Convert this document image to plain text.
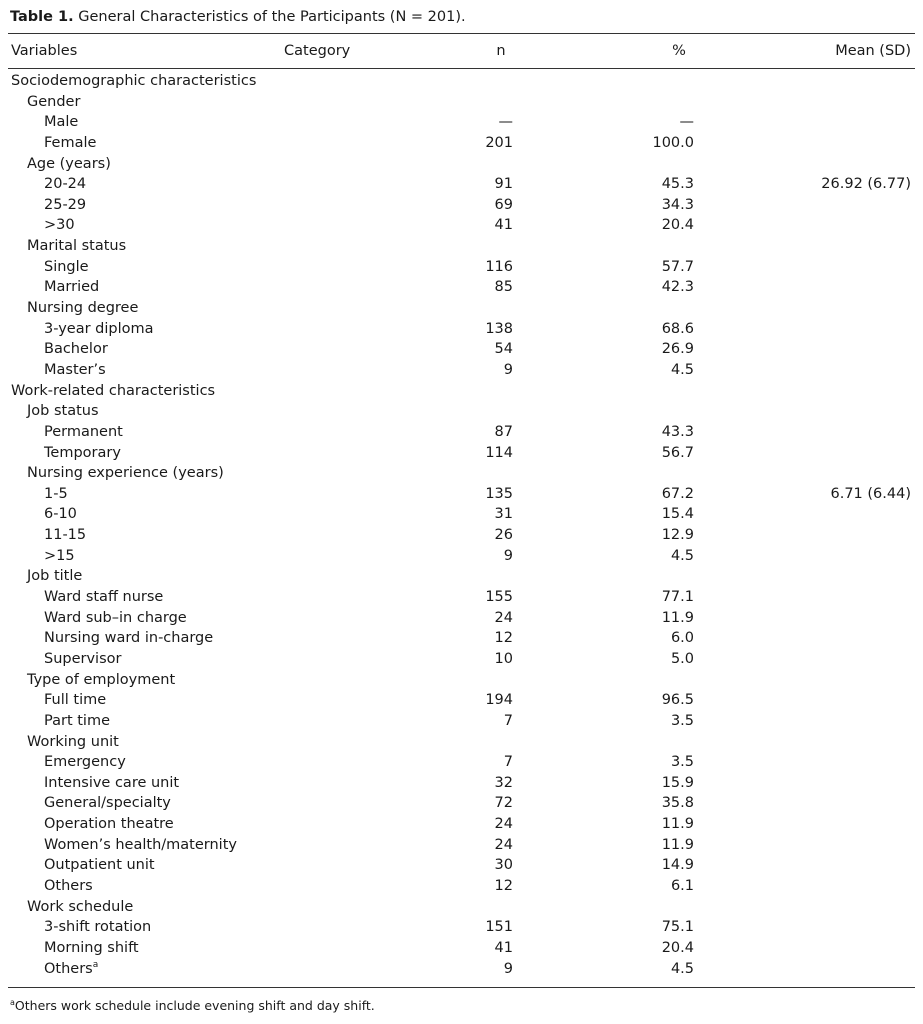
Table 1. General Characteristics of the Participants (N = 201).
Variables	Category	n	%	Mean (SD)
Sociodemographic characteristics
Gender
Male	—	—
Female	201	100.0
Age (years)
20-24	91	45.3	26.92 (6.77)
25-29	69	34.3
>30	41	20.4
Marital status
Single	116	57.7
Married	85	42.3
Nursing degree
3-year diploma	138	68.6
Bachelor	54	26.9
Master’s	9	4.5
Work-related characteristics
Job status
Permanent	87	43.3
Temporary	114	56.7
Nursing experience (years)
1-5	135	67.2	6.71 (6.44)
6-10	31	15.4
11-15	26	12.9
>15	9	4.5
Job title
Ward staff nurse	155	77.1
Ward sub–in charge	24	11.9
Nursing ward in-charge	12	6.0
Supervisor	10	5.0
Type of employment
Full time	194	96.5
Part time	7	3.5
Working unit
Emergency	7	3.5
Intensive care unit	32	15.9
General/specialty	72	35.8
Operation theatre	24	11.9
Women’s health/maternity	24	11.9
Outpatient unit	30	14.9
Others	12	6.1
Work schedule
3-shift rotation	151	75.1
Morning shift	41	20.4
Others$^a$	9	4.5
$^a$Others work schedule include evening shift and day shift.
